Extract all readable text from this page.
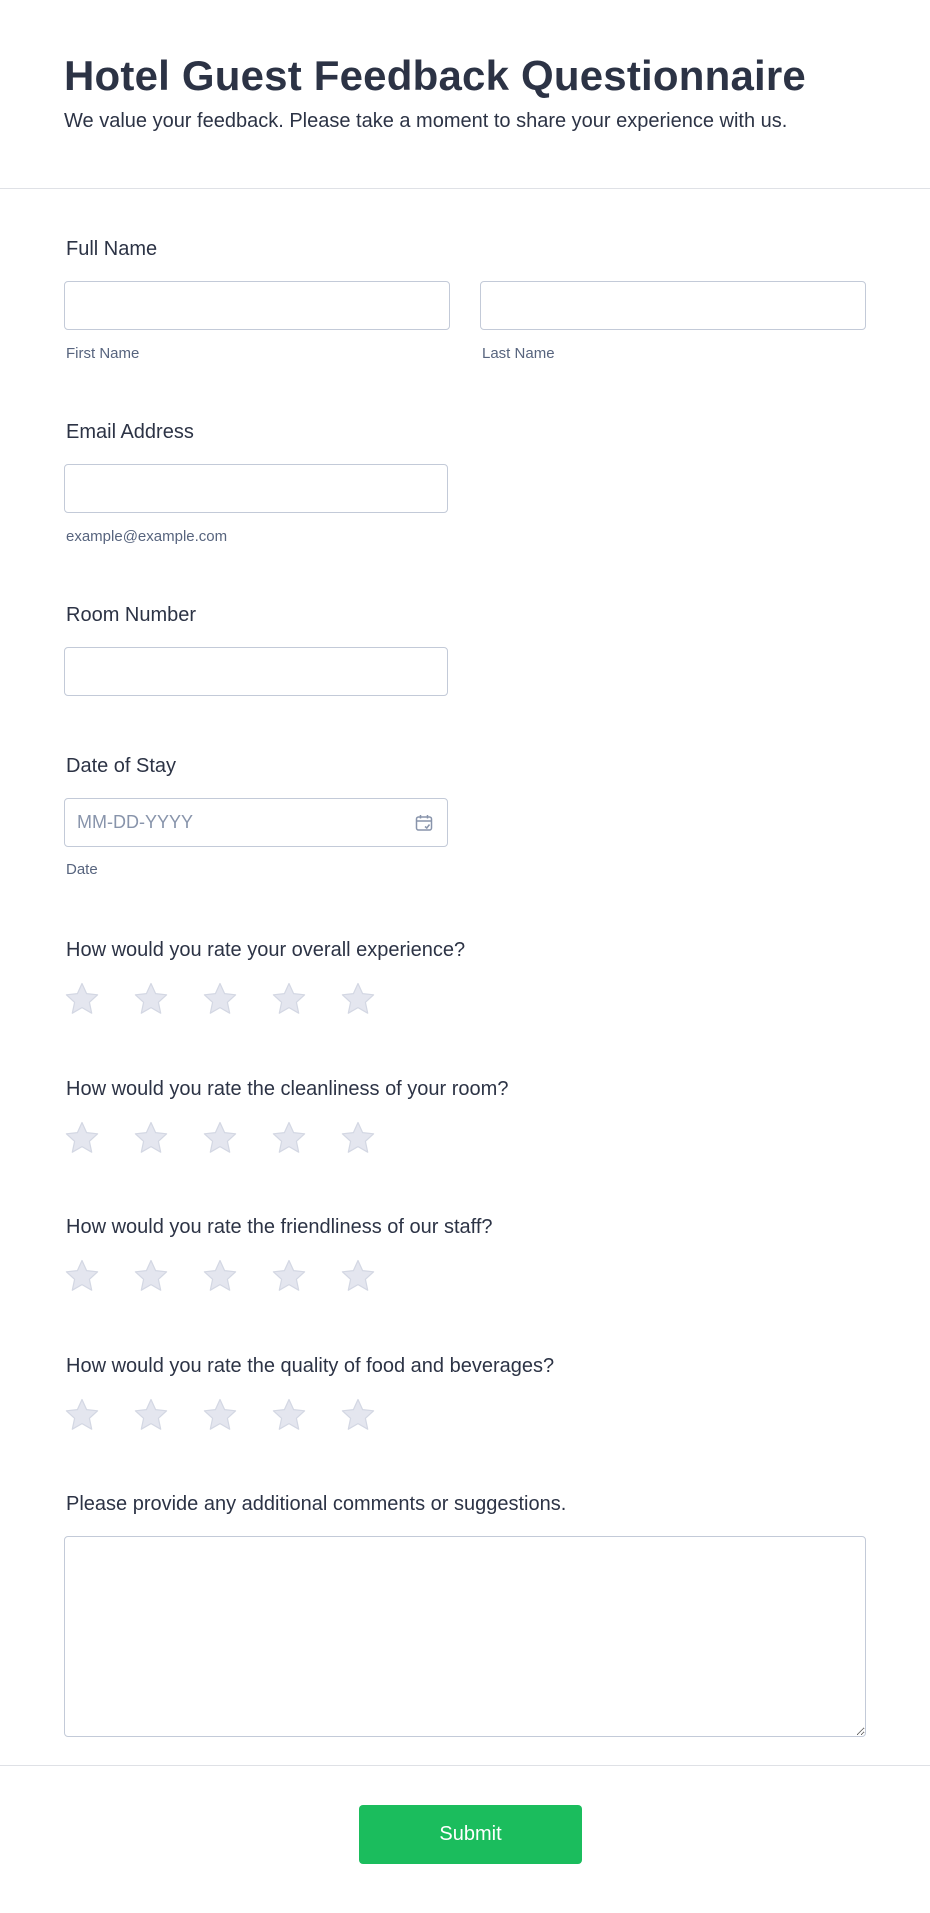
Hotel Guest Feedback Questionnaire
We value your feedback. Please take a moment to share your experience with us.
Full Name
First Name	Last Name
Email Address
example@example.com
Room Number
Date of Stay
MM-DD-YYYY
Date
How would you rate your overall experience?
How would you rate the cleanliness of your room?
How would you rate the friendliness of our staff?
How would you rate the quality of food and beverages?
Please provide any additional comments or suggestions.
Submit
